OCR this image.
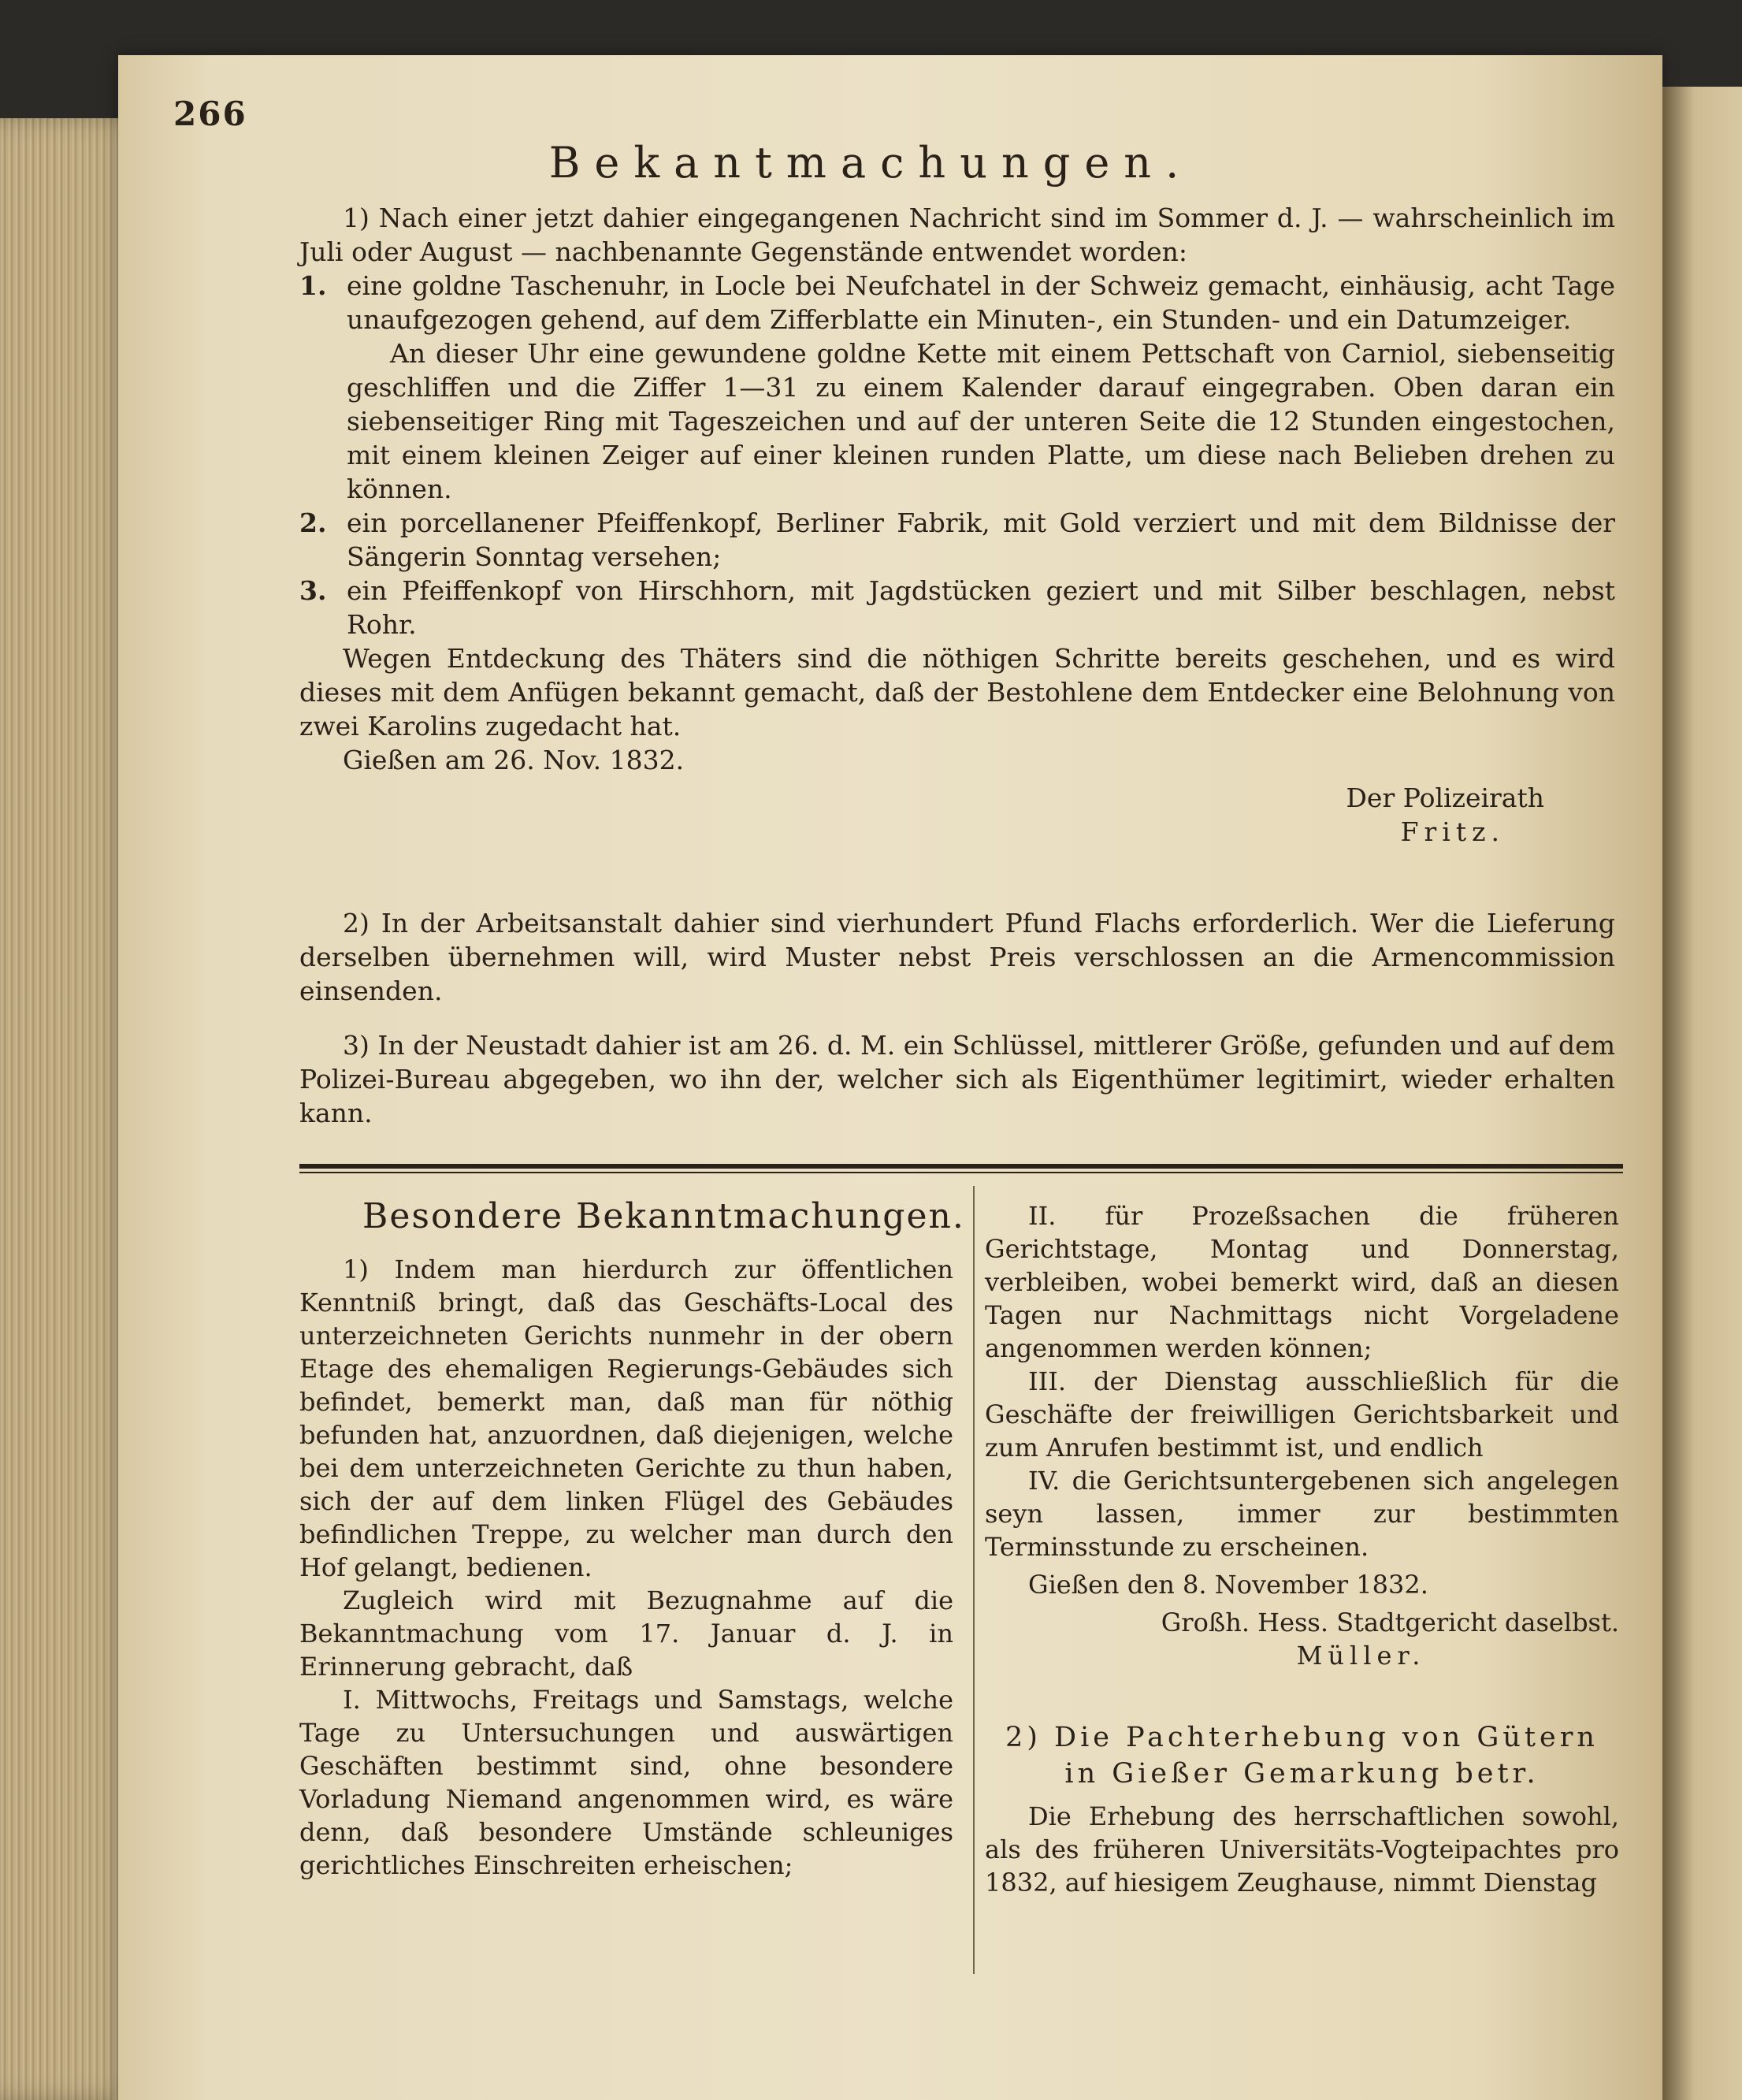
266
Bekantmachungen.

1) Nach einer jetzt dahier eingegangenen Nachricht sind im Sommer d. J. — wahrscheinlich im Juli oder August — nachbenannte Gegenstände entwendet worden:

1. eine goldne Taschenuhr, in Locle bei Neufchatel in der Schweiz gemacht, einhäusig, acht Tage unaufgezogen gehend, auf dem Zifferblatte ein Minuten-, ein Stunden- und ein Datumzeiger.
An dieser Uhr eine gewundene goldne Kette mit einem Pettschaft von Carniol, siebenseitig geschliffen und die Ziffer 1—31 zu einem Kalender darauf eingegraben. Oben daran ein siebenseitiger Ring mit Tageszeichen und auf der unteren Seite die 12 Stunden eingestochen, mit einem kleinen Zeiger auf einer kleinen runden Platte, um diese nach Belieben drehen zu können.
2. ein porcellanener Pfeiffenkopf, Berliner Fabrik, mit Gold verziert und mit dem Bildnisse der Sängerin Sonntag versehen;
3. ein Pfeiffenkopf von Hirschhorn, mit Jagdstücken geziert und mit Silber beschlagen, nebst Rohr.

Wegen Entdeckung des Thäters sind die nöthigen Schritte bereits geschehen, und es wird dieses mit dem Anfügen bekannt gemacht, daß der Bestohlene dem Entdecker eine Belohnung von zwei Karolins zugedacht hat.

Gießen am 26. Nov. 1832.

Der Polizeirath

Fritz.

2) In der Arbeitsanstalt dahier sind vierhundert Pfund Flachs erforderlich. Wer die Lieferung derselben übernehmen will, wird Muster nebst Preis verschlossen an die Armencommission einsenden.

3) In der Neustadt dahier ist am 26. d. M. ein Schlüssel, mittlerer Größe, gefunden und auf dem Polizei-Bureau abgegeben, wo ihn der, welcher sich als Eigenthümer legitimirt, wieder erhalten kann.

Besondere Bekanntmachungen.

1) Indem man hierdurch zur öffentlichen Kenntniß bringt, daß das Geschäfts-Local des unterzeichneten Gerichts nunmehr in der obern Etage des ehemaligen Regierungs-Gebäudes sich befindet, bemerkt man, daß man für nöthig befunden hat, anzuordnen, daß diejenigen, welche bei dem unterzeichneten Gerichte zu thun haben, sich der auf dem linken Flügel des Gebäudes befindlichen Treppe, zu welcher man durch den Hof gelangt, bedienen.

Zugleich wird mit Bezugnahme auf die Bekanntmachung vom 17. Januar d. J. in Erinnerung gebracht, daß

I. Mittwochs, Freitags und Samstags, welche Tage zu Untersuchungen und auswärtigen Geschäften bestimmt sind, ohne besondere Vorladung Niemand angenommen wird, es wäre denn, daß besondere Umstände schleuniges gerichtliches Einschreiten erheischen;

II. für Prozeßsachen die früheren Gerichtstage, Montag und Donnerstag, verbleiben, wobei bemerkt wird, daß an diesen Tagen nur Nachmittags nicht Vorgeladene angenommen werden können;

III. der Dienstag ausschließlich für die Geschäfte der freiwilligen Gerichtsbarkeit und zum Anrufen bestimmt ist, und endlich

IV. die Gerichtsuntergebenen sich angelegen seyn lassen, immer zur bestimmten Terminsstunde zu erscheinen.

Gießen den 8. November 1832.

Großh. Hess. Stadtgericht daselbst.

Müller.

2) Die Pachterhebung von Gütern in Gießer Gemarkung betr.

Die Erhebung des herrschaftlichen sowohl, als des früheren Universitäts-Vogteipachtes pro 1832, auf hiesigem Zeughause, nimmt Dienstag
